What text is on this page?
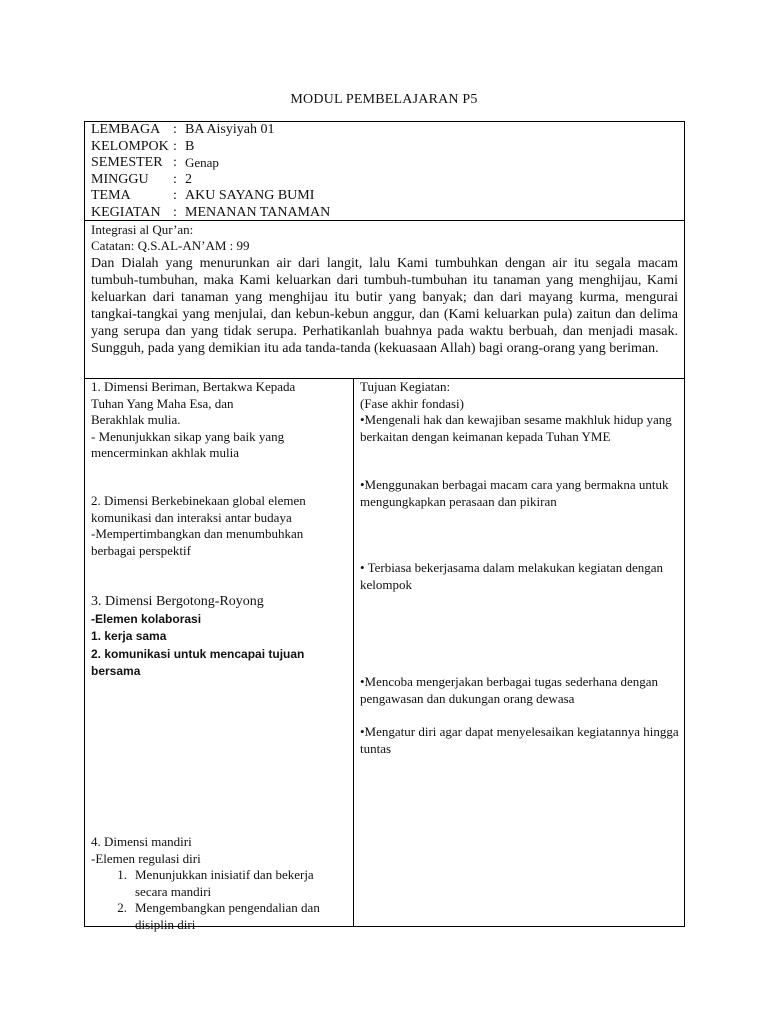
MODUL PEMBELAJARAN P5
LEMBAGA : BA Aisyiyah 01
KELOMPOK : B
SEMESTER : Genap
MINGGU	: 2
TEMA	: AKU SAYANG BUMI
KEGIATAN : MENANAN TANAMAN
Integrasi al Qur’an:
Catatan: Q.S.AL-AN’AM : 99
Dan Dialah yang menurunkan air dari langit, lalu Kami tumbuhkan dengan air itu segala macam tumbuh-tumbuhan, maka Kami keluarkan dari tumbuh-tumbuhan itu tanaman yang menghijau, Kami keluarkan dari tanaman yang menghijau itu butir yang banyak; dan dari mayang kurma, mengurai tangkai-tangkai yang menjulai, dan kebun-kebun anggur, dan (Kami keluarkan pula) zaitun dan delima yang serupa dan yang tidak serupa. Perhatikanlah buahnya pada waktu berbuah, dan menjadi masak. Sungguh, pada yang demikian itu ada tanda-tanda (kekuasaan Allah) bagi orang-orang yang beriman.
1. Dimensi Beriman, Bertakwa Kepada
Tuhan Yang Maha Esa, dan
Berakhlak mulia.
- Menunjukkan sikap yang baik yang mencerminkan akhlak mulia
2. Dimensi Berkebinekaan global elemen komunikasi dan interaksi antar budaya
-Mempertimbangkan dan menumbuhkan berbagai perspektif
3. Dimensi Bergotong-Royong
-Elemen kolaborasi
1. kerja sama
2. komunikasi untuk mencapai tujuan bersama
4. Dimensi mandiri
-Elemen regulasi diri
1. Menunjukkan inisiatif dan bekerja secara mandiri
2. Mengembangkan pengendalian dan disiplin diri
Tujuan Kegiatan:
(Fase akhir fondasi)
•Mengenali hak dan kewajiban sesame makhluk hidup yang berkaitan dengan keimanan kepada Tuhan YME
•Menggunakan berbagai macam cara yang bermakna untuk mengungkapkan perasaan dan pikiran
• Terbiasa bekerjasama dalam melakukan kegiatan dengan kelompok
•Mencoba mengerjakan berbagai tugas sederhana dengan pengawasan dan dukungan orang dewasa
•Mengatur diri agar dapat menyelesaikan kegiatannya hingga tuntas
